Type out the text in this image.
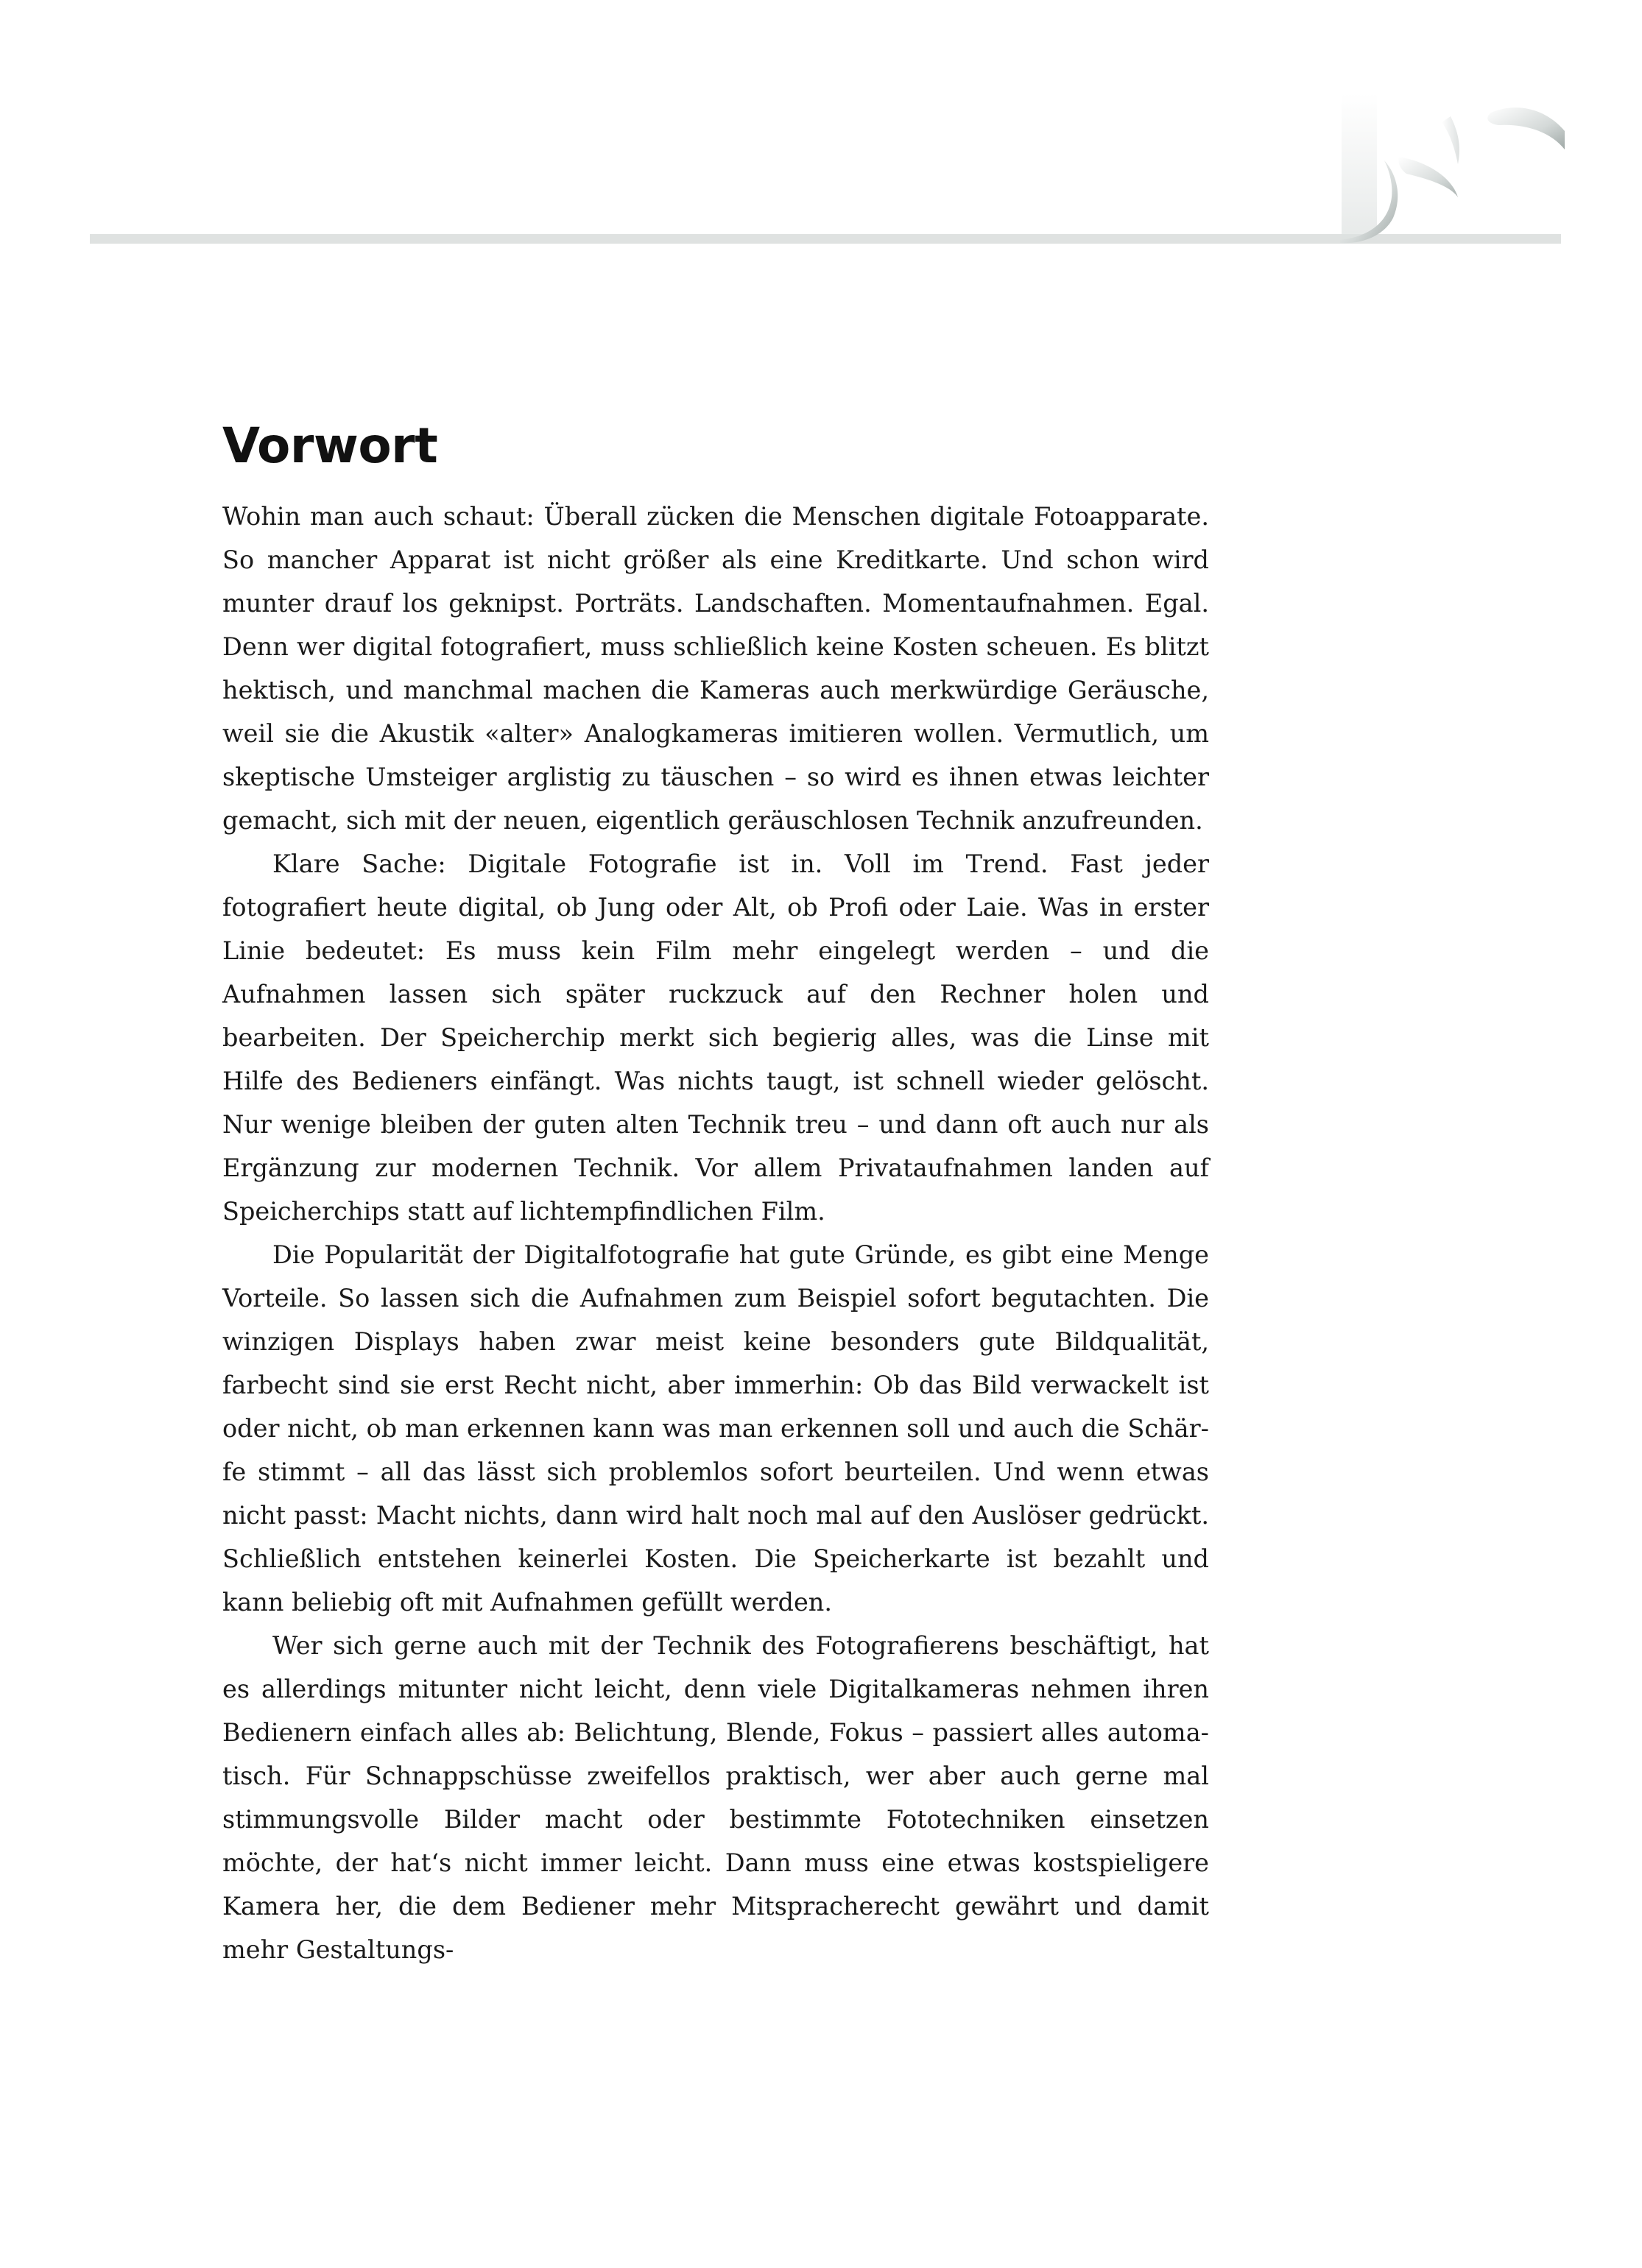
Vorwort

Wohin man auch schaut: Überall zücken die Menschen digitale Fotoapparate. So mancher Apparat ist nicht größer als eine Kreditkarte. Und schon wird munter drauf los geknipst. Porträts. Landschaften. Momentaufnahmen. Egal. Denn wer digital fotografiert, muss schließlich keine Kosten scheuen. Es blitzt hektisch, und manchmal machen die Kameras auch merkwürdige Geräusche, weil sie die Akustik «alter» Analogkameras imitieren wollen. Vermutlich, um skeptische Umsteiger arglistig zu täuschen – so wird es ihnen etwas leichter gemacht, sich mit der neuen, eigentlich geräuschlosen Technik anzufreunden.

Klare Sache: Digitale Fotografie ist in. Voll im Trend. Fast jeder fotografiert heute digital, ob Jung oder Alt, ob Profi oder Laie. Was in erster Linie bedeutet: Es muss kein Film mehr eingelegt werden – und die Aufnahmen lassen sich später ruckzuck auf den Rechner holen und bearbeiten. Der Speicherchip merkt sich begierig alles, was die Linse mit Hilfe des Bedieners einfängt. Was nichts taugt, ist schnell wieder gelöscht. Nur wenige bleiben der guten alten Technik treu – und dann oft auch nur als Ergänzung zur modernen Technik. Vor allem Privataufnahmen landen auf Speicherchips statt auf lichtempfindlichen Film.

Die Popularität der Digitalfotografie hat gute Gründe, es gibt eine Menge Vorteile. So lassen sich die Aufnahmen zum Beispiel sofort begutachten. Die winzigen Displays haben zwar meist keine besonders gute Bildqualität, farbecht sind sie erst Recht nicht, aber immerhin: Ob das Bild verwackelt ist oder nicht, ob man erkennen kann was man erkennen soll und auch die Schärfe stimmt – all das lässt sich problemlos sofort beurteilen. Und wenn etwas nicht passt: Macht nichts, dann wird halt noch mal auf den Auslöser gedrückt. Schließlich entstehen keinerlei Kosten. Die Speicherkarte ist bezahlt und kann beliebig oft mit Aufnahmen gefüllt werden.

Wer sich gerne auch mit der Technik des Fotografierens beschäftigt, hat es allerdings mitunter nicht leicht, denn viele Digitalkameras nehmen ihren Bedienern einfach alles ab: Belichtung, Blende, Fokus – passiert alles automatisch. Für Schnappschüsse zweifellos praktisch, wer aber auch gerne mal stimmungsvolle Bilder macht oder bestimmte Fototechniken einsetzen möchte, der hat‘s nicht immer leicht. Dann muss eine etwas kostspieligere Kamera her, die dem Bediener mehr Mitspracherecht gewährt und damit mehr Gestaltungs-
